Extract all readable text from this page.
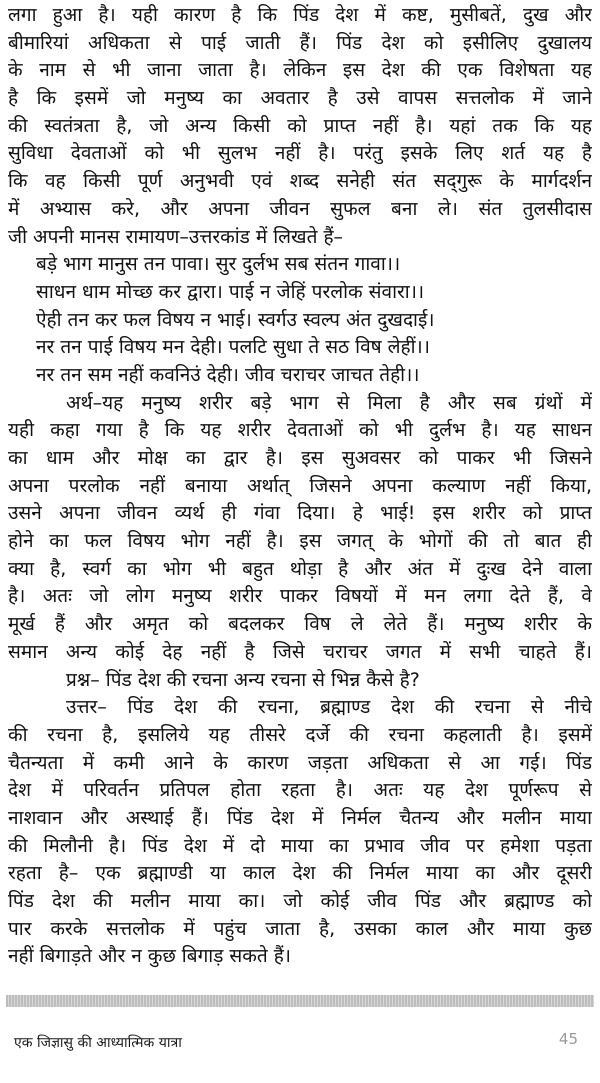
लगा हुआ है। यही कारण है कि पिंड देश में कष्ट, मुसीबतें, दुख और
बीमारियां अधिकता से पाई जाती हैं। पिंड देश को इसीलिए दुखालय
के नाम से भी जाना जाता है। लेकिन इस देश की एक विशेषता यह
है कि इसमें जो मनुष्य का अवतार है उसे वापस सत्तलोक में जाने
की स्वतंत्रता है, जो अन्य किसी को प्राप्त नहीं है। यहां तक कि यह
सुविधा देवताओं को भी सुलभ नहीं है। परंतु इसके लिए शर्त यह है
कि वह किसी पूर्ण अनुभवी एवं शब्द सनेही संत सद्‌गुरू के मार्गदर्शन
में अभ्यास करे, और अपना जीवन सुफल बना ले। संत तुलसीदास
जी अपनी मानस रामायण–उत्तरकांड में लिखते हैं–
बड़े भाग मानुस तन पावा। सुर दुर्लभ सब संतन गावा।।
साधन धाम मोच्छ कर द्वारा। पाई न जेहिं परलोक संवारा।।
ऐही तन कर फल विषय न भाई। स्वर्गउ स्वल्प अंत दुखदाई।
नर तन पाई विषय मन देही। पलटि सुधा ते सठ विष लेहीं।।
नर तन सम नहीं कवनिउं देही। जीव चराचर जाचत तेही।।
अर्थ–यह मनुष्य शरीर बड़े भाग से मिला है और सब ग्रंथों में
यही कहा गया है कि यह शरीर देवताओं को भी दुर्लभ है। यह साधन
का धाम और मोक्ष का द्वार है। इस सुअवसर को पाकर भी जिसने
अपना परलोक नहीं बनाया अर्थात् जिसने अपना कल्याण नहीं किया,
उसने अपना जीवन व्यर्थ ही गंवा दिया। हे भाई! इस शरीर को प्राप्त
होने का फल विषय भोग नहीं है। इस जगत् के भोगों की तो बात ही
क्या है, स्वर्ग का भोग भी बहुत थोड़ा है और अंत में दुःख देने वाला
है। अतः जो लोग मनुष्य शरीर पाकर विषयों में मन लगा देते हैं, वे
मूर्ख हैं और अमृत को बदलकर विष ले लेते हैं। मनुष्य शरीर के
समान अन्य कोई देह नहीं है जिसे चराचर जगत में सभी चाहते हैं।
प्रश्न– पिंड देश की रचना अन्य रचना से भिन्न कैसे है?
उत्तर– पिंड देश की रचना, ब्रह्माण्ड देश की रचना से नीचे
की रचना है, इसलिये यह तीसरे दर्जे की रचना कहलाती है। इसमें
चैतन्यता में कमी आने के कारण जड़ता अधिकता से आ गई। पिंड
देश में परिवर्तन प्रतिपल होता रहता है। अतः यह देश पूर्णरूप से
नाशवान और अस्थाई हैं। पिंड देश में निर्मल चैतन्य और मलीन माया
की मिलौनी है। पिंड देश में दो माया का प्रभाव जीव पर हमेशा पड़ता
रहता है– एक ब्रह्माण्डी या काल देश की निर्मल माया का और दूसरी
पिंड देश की मलीन माया का। जो कोई जीव पिंड और ब्रह्माण्ड को
पार करके सत्तलोक में पहुंच जाता है, उसका काल और माया कुछ
नहीं बिगाड़ते और न कुछ बिगाड़ सकते हैं।
एक जिज्ञासु की आध्यात्मिक यात्रा	45
